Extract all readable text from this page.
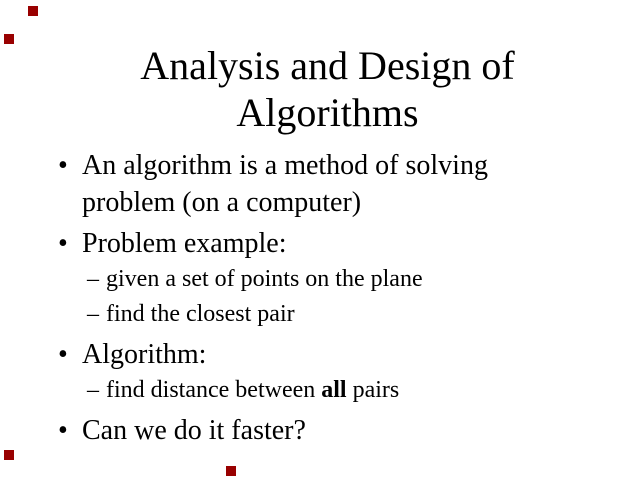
Analysis and Design of
Algorithms
• An algorithm is a method of solving problem (on a computer)
• Problem example:
– given a set of points on the plane
– find the closest pair
• Algorithm:
– find distance between all pairs
• Can we do it faster?
